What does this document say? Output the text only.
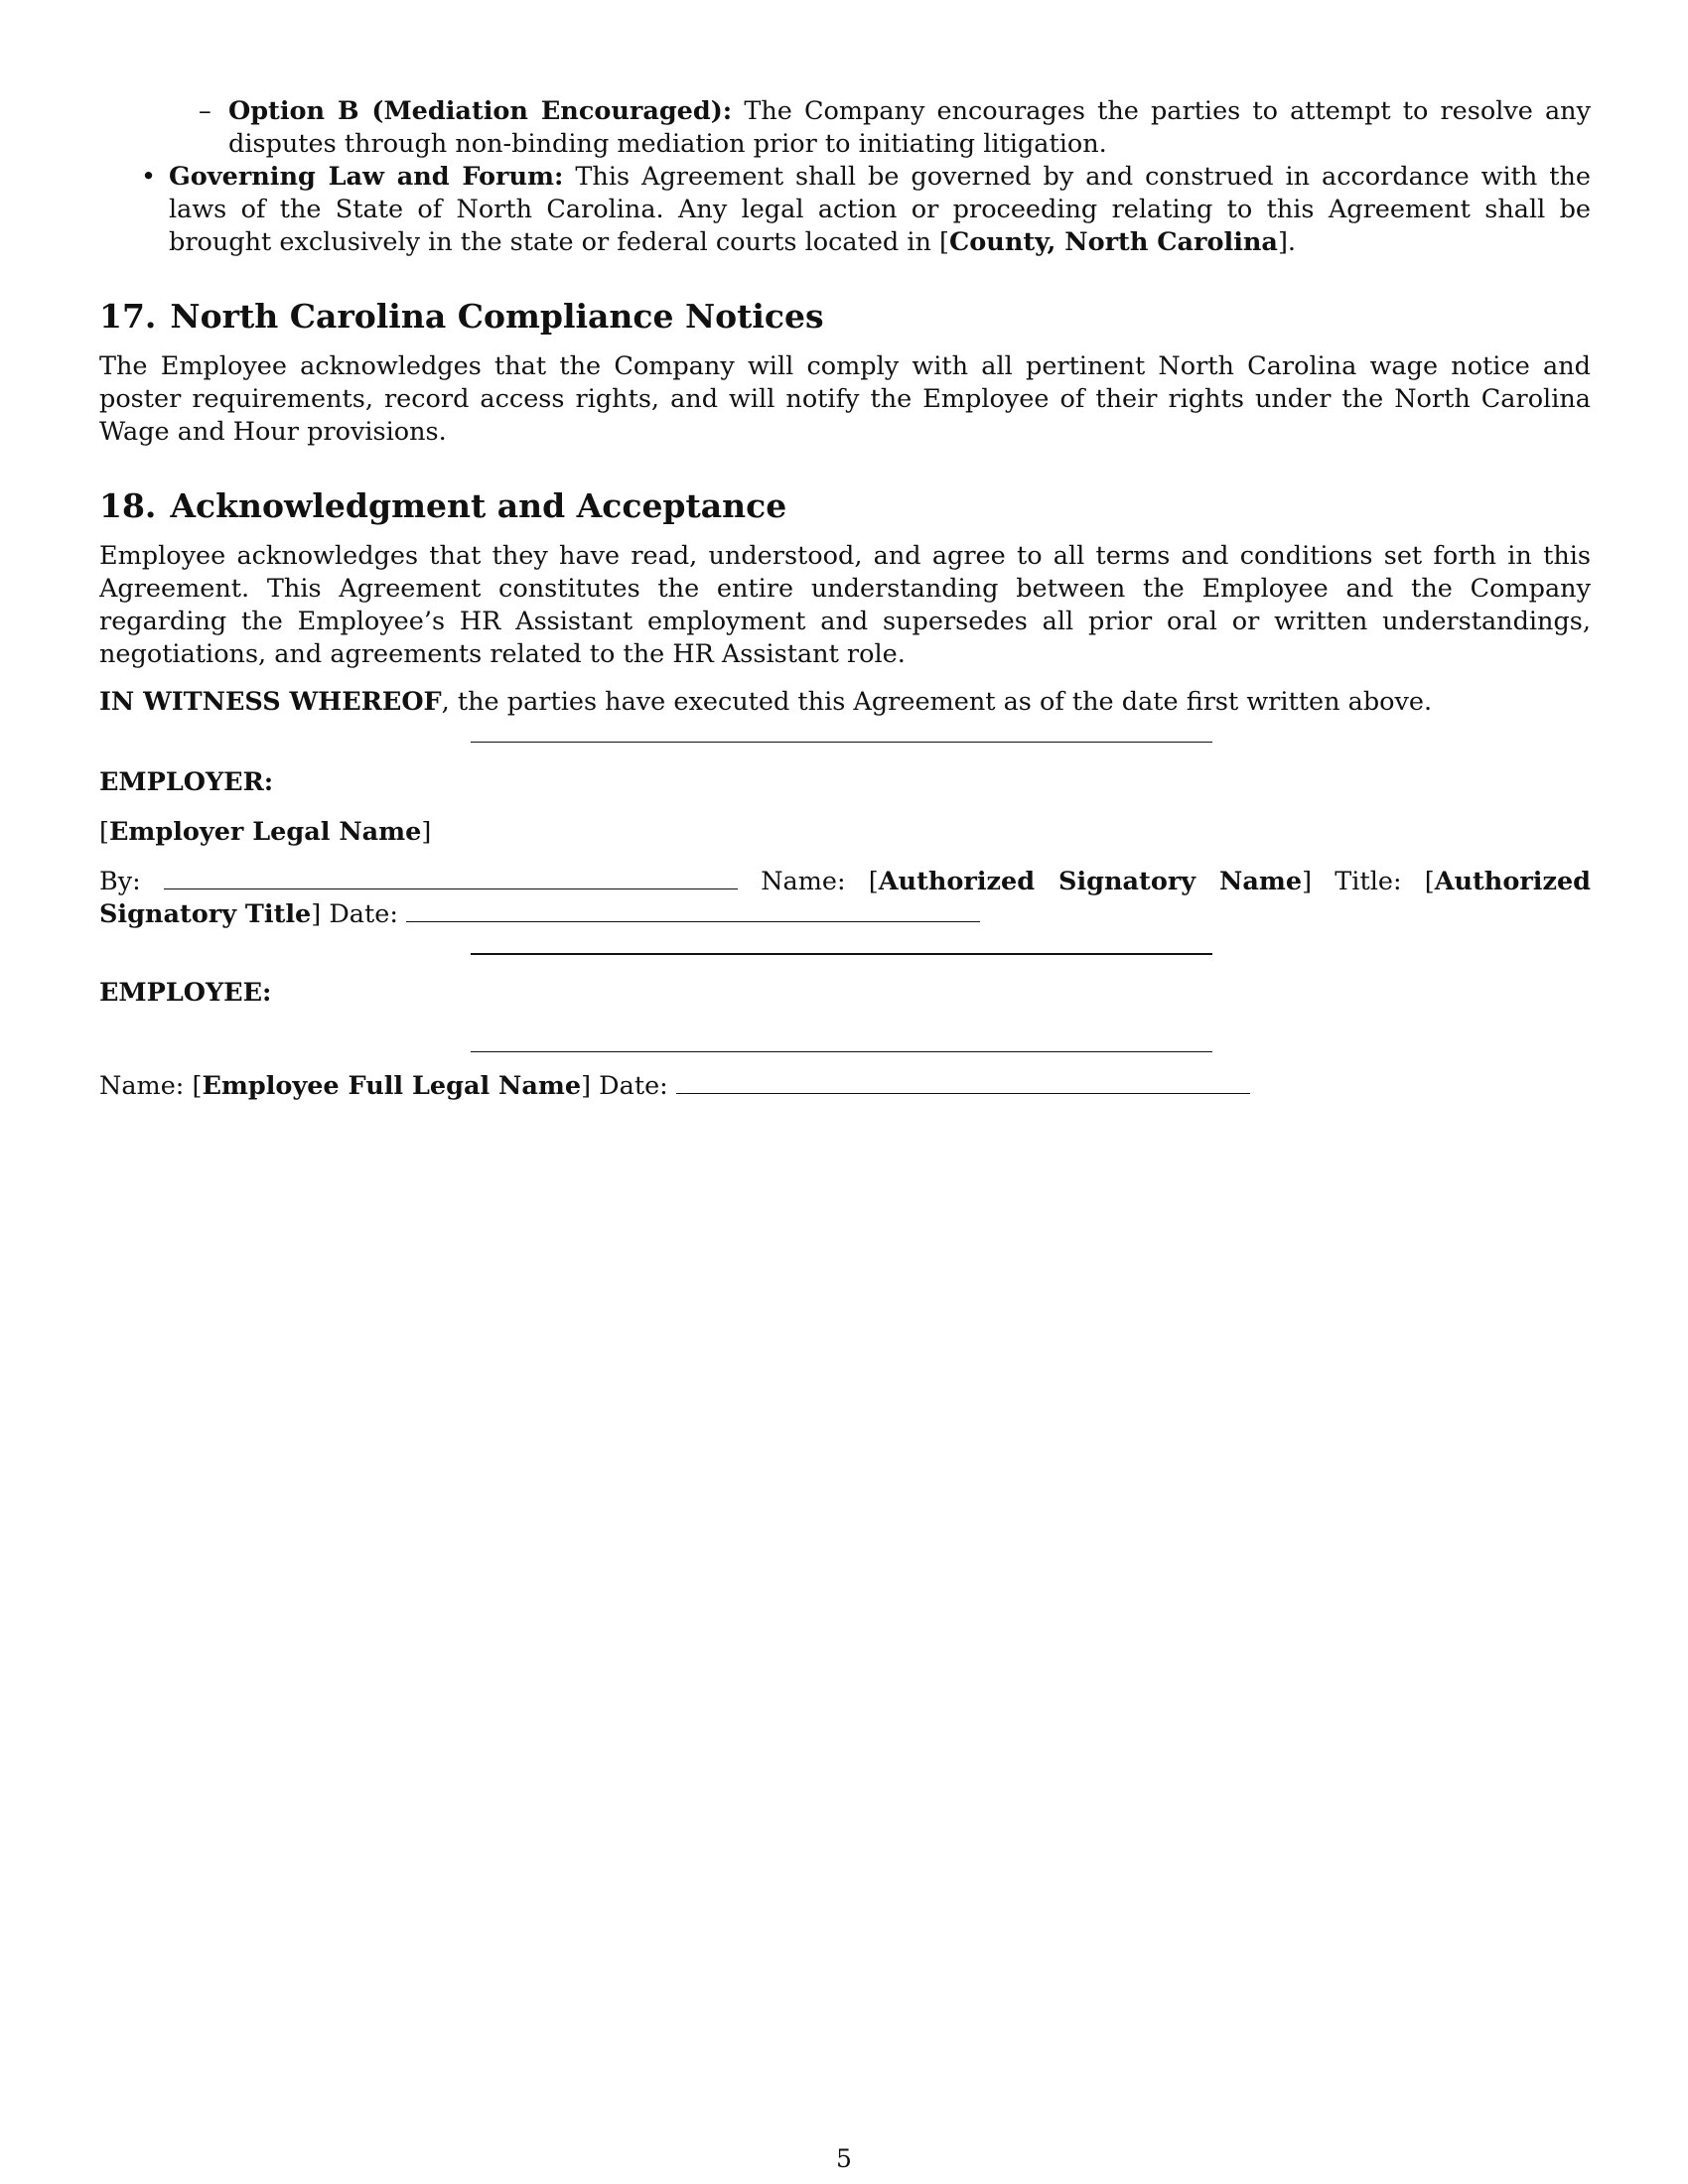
– Option B (Mediation Encouraged): The Company encourages the parties to attempt to resolve any disputes through non-binding mediation prior to initiating litigation.
• Governing Law and Forum: This Agreement shall be governed by and construed in accordance with the laws of the State of North Carolina. Any legal action or proceeding relating to this Agreement shall be brought exclusively in the state or federal courts located in [County, North Carolina].
17. North Carolina Compliance Notices

The Employee acknowledges that the Company will comply with all pertinent North Carolina wage notice and poster requirements, record access rights, and will notify the Employee of their rights under the North Carolina Wage and Hour provisions.

18. Acknowledgment and Acceptance

Employee acknowledges that they have read, understood, and agree to all terms and conditions set forth in this Agreement. This Agreement constitutes the entire understanding between the Employee and the Company regarding the Employee’s HR Assistant employment and supersedes all prior oral or written understandings, negotiations, and agreements related to the HR Assistant role.

IN WITNESS WHEREOF, the parties have executed this Agreement as of the date first written above.

EMPLOYER:
[Employer Legal Name]
By:	Name: [Authorized Signatory Name] Title: [Authorized Signatory Title] Date:
EMPLOYEE:
Name: [Employee Full Legal Name] Date:
5
